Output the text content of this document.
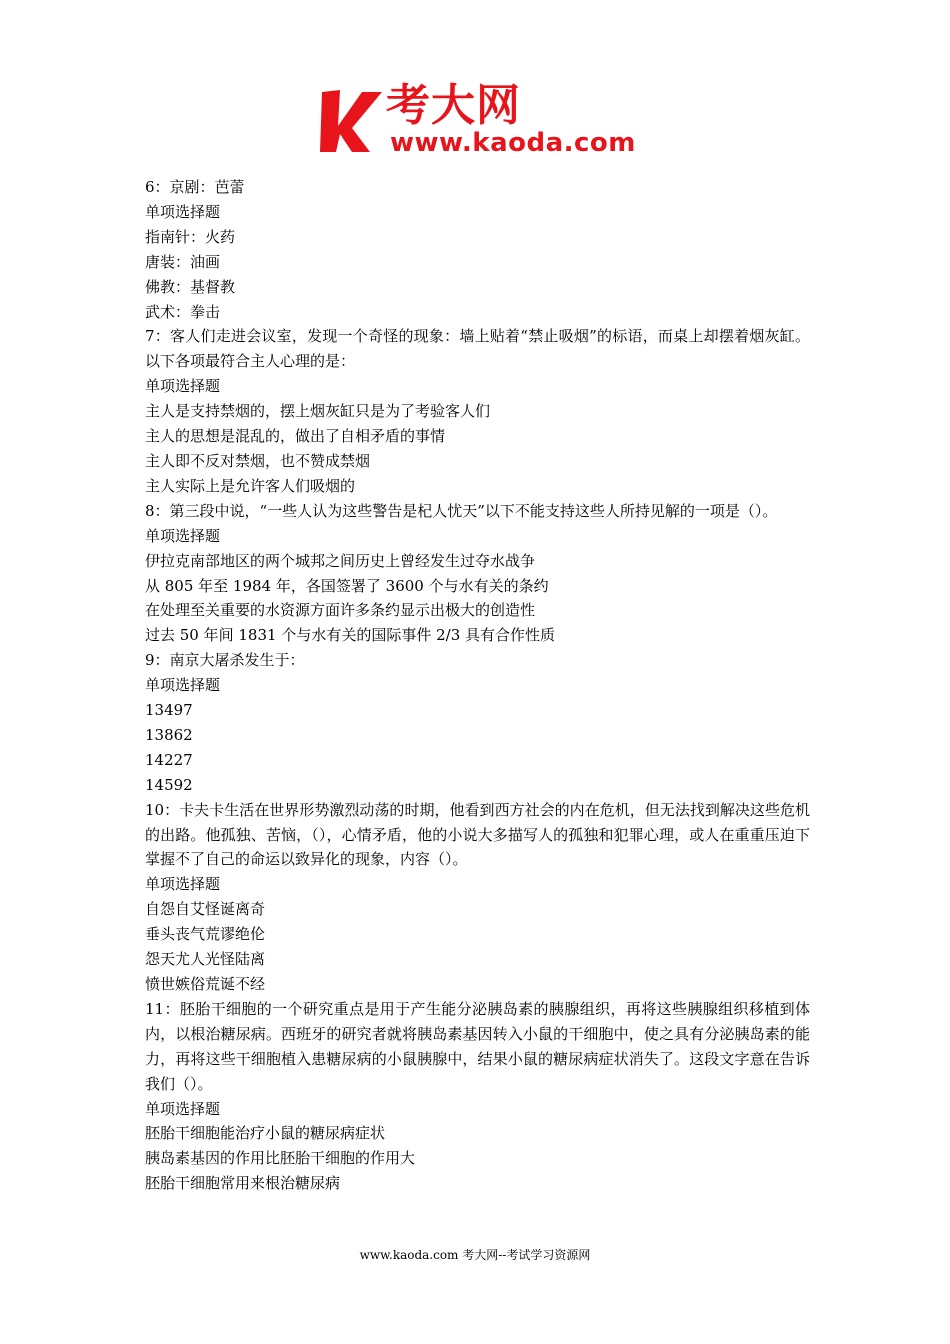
考大网
www.kaoda.com
6：京剧：芭蕾
单项选择题
指南针：火药
唐装：油画
佛教：基督教
武术：拳击
7：客人们走进会议室，发现一个奇怪的现象：墙上贴着“禁止吸烟”的标语，而桌上却摆着烟灰缸。以下各项最符合主人心理的是：
单项选择题
主人是支持禁烟的，摆上烟灰缸只是为了考验客人们
主人的思想是混乱的，做出了自相矛盾的事情
主人即不反对禁烟，也不赞成禁烟
主人实际上是允许客人们吸烟的
8：第三段中说，“一些人认为这些警告是杞人忧天”以下不能支持这些人所持见解的一项是（）。
单项选择题
伊拉克南部地区的两个城邦之间历史上曾经发生过夺水战争
从 805 年至 1984 年，各国签署了 3600 个与水有关的条约
在处理至关重要的水资源方面许多条约显示出极大的创造性
过去 50 年间 1831 个与水有关的国际事件 2/3 具有合作性质
9：南京大屠杀发生于：
单项选择题
13497
13862
14227
14592
10：卡夫卡生活在世界形势激烈动荡的时期，他看到西方社会的内在危机，但无法找到解决这些危机的出路。他孤独、苦恼，（），心情矛盾，他的小说大多描写人的孤独和犯罪心理，或人在重重压迫下掌握不了自己的命运以致异化的现象，内容（）。
单项选择题
自怨自艾怪诞离奇
垂头丧气荒谬绝伦
怨天尤人光怪陆离
愤世嫉俗荒诞不经
11：胚胎干细胞的一个研究重点是用于产生能分泌胰岛素的胰腺组织，再将这些胰腺组织移植到体内，以根治糖尿病。西班牙的研究者就将胰岛素基因转入小鼠的干细胞中，使之具有分泌胰岛素的能力，再将这些干细胞植入患糖尿病的小鼠胰腺中，结果小鼠的糖尿病症状消失了。这段文字意在告诉我们（）。
单项选择题
胚胎干细胞能治疗小鼠的糖尿病症状
胰岛素基因的作用比胚胎干细胞的作用大
胚胎干细胞常用来根治糖尿病
www.kaoda.com 考大网--考试学习资源网
